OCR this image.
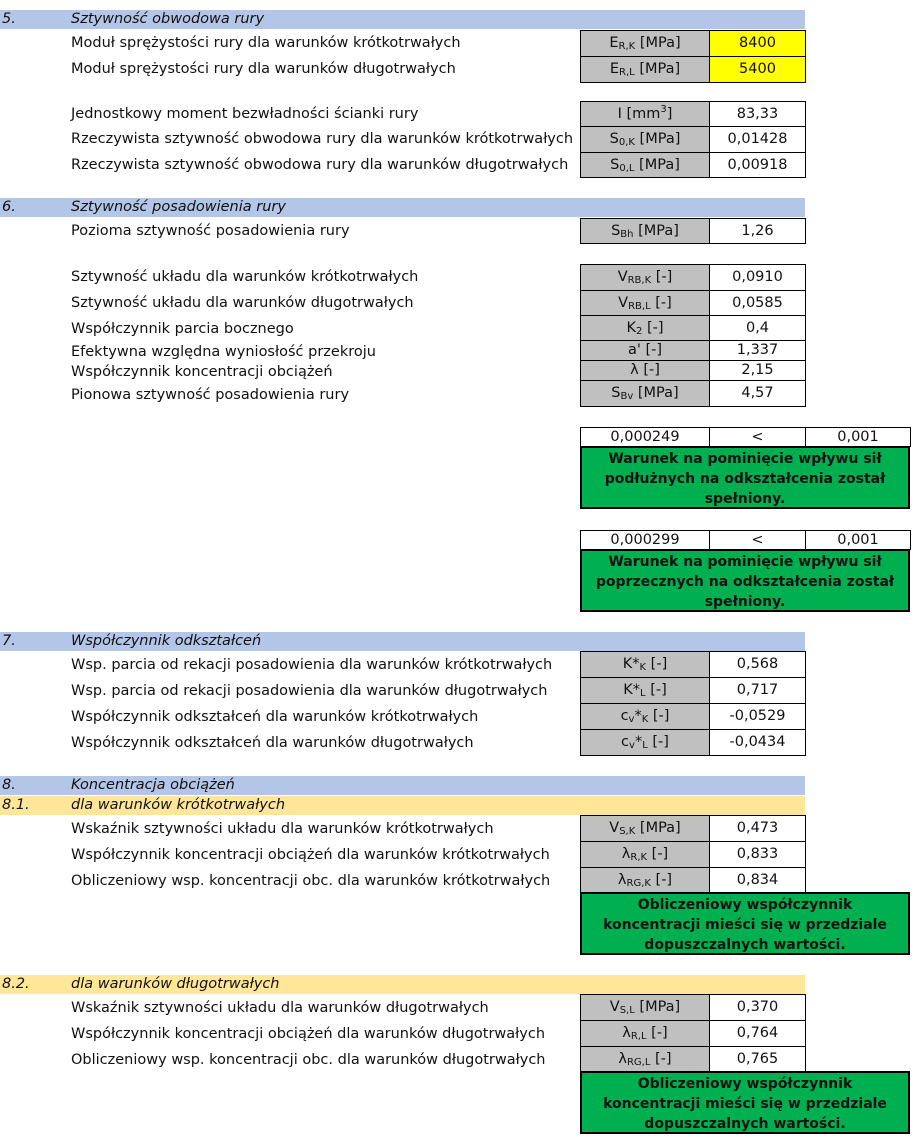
5.	Sztywność obwodowa rury
Moduł sprężystości rury dla warunków krótkotrwałych	$E_{R,K}$ [MPa]	8400
Moduł sprężystości rury dla warunków długotrwałych	$E_{R,L}$ [MPa]	5400
Jednostkowy moment bezwładności ścianki rury	I $[mm^3]$	83,33
Rzeczywista sztywność obwodowa rury dla warunków krótkotrwałych	$S_{0,K}$ [MPa]	0,01428
Rzeczywista sztywność obwodowa rury dla warunków długotrwałych	$S_{0,L}$ [MPa]	0,00918
6.	Sztywność posadowienia rury
Pozioma sztywność posadowienia rury	$S_{Bh}$ [MPa]	1,26
Sztywność układu dla warunków krótkotrwałych	$V_{RB,K}$ [-]	0,0910
Sztywność układu dla warunków długotrwałych	$V_{RB,L}$ [-]	0,0585
Współczynnik parcia bocznego	$K_2$ [-]	0,4
Efektywna względna wyniosłość przekroju	a' [-]	1,337
Współczynnik koncentracji obciążeń	λ [-]	2,15
Pionowa sztywność posadowienia rury	$S_{Bv}$ [MPa]	4,57
0,000249	<	0,001
Warunek na pominięcie wpływu sił podłużnych na odkształcenia został spełniony.
0,000299	<	0,001
Warunek na pominięcie wpływu sił poprzecznych na odkształcenia został spełniony.
7.	Współczynnik odkształceń
Wsp. parcia od rekacji posadowienia dla warunków krótkotrwałych	$K*_K$ [-]	0,568
Wsp. parcia od rekacji posadowienia dla warunków długotrwałych	$K*_L$ [-]	0,717
Współczynnik odkształceń dla warunków krótkotrwałych	$c_v*_K$ [-]	-0,0529
Współczynnik odkształceń dla warunków długotrwałych	$c_v*_L$ [-]	-0,0434
8.	Koncentracja obciążeń
8.1.	dla warunków krótkotrwałych
Wskaźnik sztywności układu dla warunków krótkotrwałych	$V_{S,K}$ [MPa]	0,473
Współczynnik koncentracji obciążeń dla warunków krótkotrwałych	$\lambda_{R,K}$ [-]	0,833
Obliczeniowy wsp. koncentracji obc. dla warunków krótkotrwałych	$\lambda_{RG,K}$ [-]	0,834
Obliczeniowy współczynnik koncentracji mieści się w przedziale dopuszczalnych wartości.
8.2.	dla warunków długotrwałych
Wskaźnik sztywności układu dla warunków długotrwałych	$V_{S,L}$ [MPa]	0,370
Współczynnik koncentracji obciążeń dla warunków długotrwałych	$\lambda_{R,L}$ [-]	0,764
Obliczeniowy wsp. koncentracji obc. dla warunków długotrwałych	$\lambda_{RG,L}$ [-]	0,765
Obliczeniowy współczynnik koncentracji mieści się w przedziale dopuszczalnych wartości.
